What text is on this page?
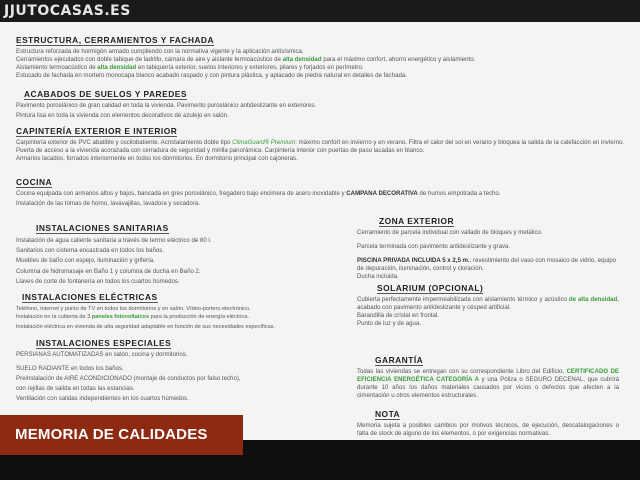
JJUTOCASAS.ES
ESTRUCTURA, CERRAMIENTOS Y FACHADA

Estructura reforzada de hormigón armado cumpliendo con la normativa vigente y la aplicación antisísmica.

Cerramientos ejecutados con doble tabique de ladrillo, cámara de aire y aislante termoacústico de alta densidad para el máximo confort, ahorro energético y aislamiento.

Aislamiento termoacústico de alta densidad en tabiquería exterior, suelos interiores y exteriores, pilares y forjados en perímetro.

Estucado de fachada en mortero monocapa blanco acabado raspado y con pintura plástica, y aplacado de piedra natural en detalles de fachada.

ACABADOS DE SUELOS Y PAREDES

Pavimento porcelánico de gran calidad en toda la vivienda. Pavimento porcelánico antideslizante en exteriores.

Pintura lisa en toda la vivienda con elementos decorativos de azulejo en salón.

CAPINTERÍA EXTERIOR E INTERIOR

Carpintería exterior de PVC abatible y oscilobatiente. Acristalamiento doble tipo ClimaGuard® Premium: máximo confort en invierno y en verano. Filtra el calor del sol en verano y bloquea la salida de la calefacción en invierno.

Puerta de acceso a la vivienda acorazada con cerradura de seguridad y mirilla panorámica. Carpintería interior con puertas de paso lacadas en blanco.

Armarios lacados, forrados interiormente en todos los dormitorios. En dormitorio principal con cajoneras.

COCINA

Cocina equipada con armarios altos y bajos, bancada en gres porcelánico, fregadero bajo encimera de acero inoxidable y CAMPANA DECORATIVA de humos empotrada a techo.

Instalación de las tomas de horno, lavavajillas, lavadora y secadora.

INSTALACIONES SANITARIAS

Instalación de agua caliente sanitaria a través de termo eléctrico de 80 l.

Sanitarios con cisterna encastrada en todos los baños.

Muebles de baño con espejo, iluminación y grifería.

Columna de hidromasaje en Baño 1 y columna de ducha en Baño 2.

Llaves de corte de fontanería en todos los cuartos húmedos.

INSTALACIONES ELÉCTRICAS

Teléfono, internet y punto de TV en todos los dormitorios y en salón. Vídeo-portero electrónico.

Instalación en la cubierta de 3 paneles fotovoltaicos para la producción de energía eléctrica.

Instalación eléctrica en vivienda de alta seguridad adaptable en función de sus necesidades específicas.

INSTALACIONES ESPECIALES

PERSIANAS AUTOMATIZADAS en salón, cocina y dormitorios.

SUELO RADIANTE en todos los baños.

Preinstalación de AIRE ACONDICIONADO (montaje de conductos por falso techo),

con rejillas de salida en todas las estancias.

Ventilación con salidas independientes en los cuartos húmedos.

ZONA EXTERIOR

Cerramiento de parcela individual con vallado de bloques y metálico.

Parcela terminada con pavimento antideslizante y grava.

PISCINA PRIVADA INCLUIDA 5 x 2,5 m.: revestimiento del vaso con mosaico de vidrio, equipo de depuración, iluminación, control y cloración.

Ducha incluida.

SOLARIUM (OPCIONAL)

Cubierta perfectamente impermeabilizada con aislamiento térmico y acústico de alta densidad, acabado con pavimento antideslizante y césped artificial.

Barandilla de cristal en frontal.

Punto de luz y de agua.

GARANTÍA

Todas las viviendas se entregan con su correspondiente Libro del Edificio, CERTIFICADO DE EFICIENCIA ENERGÉTICA CATEGORÍA A y una Póliza o SEGURO DECENAL, que cubrirá durante 10 años los daños materiales causados por vicios o defectos que afecten a la cimentación u otros elementos estructurales.

NOTA

Memoria sujeta a posibles cambios por motivos técnicos, de ejecución, descatalogaciones o falta de stock de alguno de los elementos, o por exigencias normativas.

MEMORIA DE CALIDADES
